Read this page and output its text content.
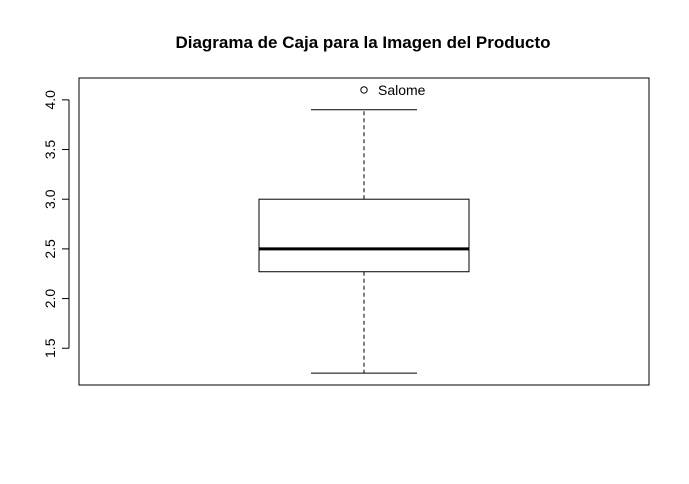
Diagrama de Caja para la Imagen del Producto
1.5
2.0
2.5
3.0
3.5
4.0
Salome
